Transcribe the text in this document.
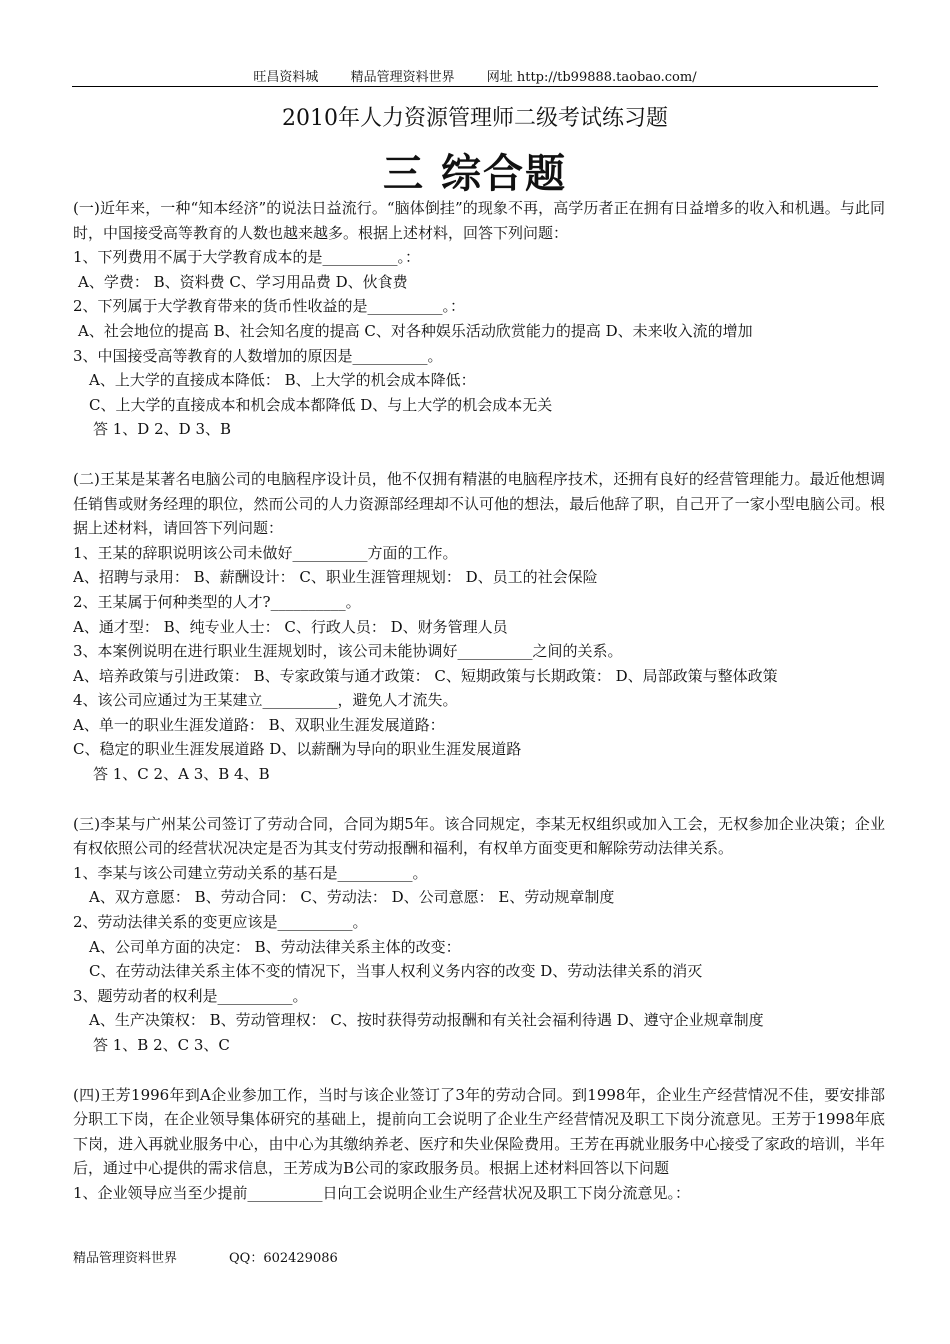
旺昌资料城 精品管理资料世界 网址 http://tb99888.taobao.com/
2010年人力资源管理师二级考试练习题
三 综合题
(一)近年来，一种“知本经济”的说法日益流行。“脑体倒挂”的现象不再，高学历者正在拥有日益增多的收入和机遇。与此同时，中国接受高等教育的人数也越来越多。根据上述材料，回答下列问题：
1、下列费用不属于大学教育成本的是__________。：
A、学费： B、资料费 C、学习用品费 D、伙食费
2、下列属于大学教育带来的货币性收益的是__________。：
A、社会地位的提高 B、社会知名度的提高 C、对各种娱乐活动欣赏能力的提高 D、未来收入流的增加
3、中国接受高等教育的人数增加的原因是__________。
A、上大学的直接成本降低： B、上大学的机会成本降低：
C、上大学的直接成本和机会成本都降低 D、与上大学的机会成本无关
答 1、D 2、D 3、B
(二)王某是某著名电脑公司的电脑程序设计员，他不仅拥有精湛的电脑程序技术，还拥有良好的经营管理能力。最近他想调任销售或财务经理的职位，然而公司的人力资源部经理却不认可他的想法，最后他辞了职，自己开了一家小型电脑公司。根据上述材料，请回答下列问题：
1、王某的辞职说明该公司未做好__________方面的工作。
A、招聘与录用： B、薪酬设计： C、职业生涯管理规划： D、员工的社会保险
2、王某属于何种类型的人才?__________。
A、通才型： B、纯专业人士： C、行政人员： D、财务管理人员
3、本案例说明在进行职业生涯规划时，该公司未能协调好__________之间的关系。
A、培养政策与引进政策： B、专家政策与通才政策： C、短期政策与长期政策： D、局部政策与整体政策
4、该公司应通过为王某建立__________，避免人才流失。
A、单一的职业生涯发道路： B、双职业生涯发展道路：
C、稳定的职业生涯发展道路 D、以薪酬为导向的职业生涯发展道路
答 1、C 2、A 3、B 4、B
(三)李某与广州某公司签订了劳动合同，合同为期5年。该合同规定，李某无权组织或加入工会，无权参加企业决策；企业有权依照公司的经营状况决定是否为其支付劳动报酬和福利，有权单方面变更和解除劳动法律关系。
1、李某与该公司建立劳动关系的基石是__________。
A、双方意愿： B、劳动合同： C、劳动法： D、公司意愿： E、劳动规章制度
2、劳动法律关系的变更应该是__________。
A、公司单方面的决定： B、劳动法律关系主体的改变：
C、在劳动法律关系主体不变的情况下，当事人权利义务内容的改变 D、劳动法律关系的消灭
3、题劳动者的权利是__________。
A、生产决策权： B、劳动管理权： C、按时获得劳动报酬和有关社会福利待遇 D、遵守企业规章制度
答 1、B 2、C 3、C
(四)王芳1996年到A企业参加工作，当时与该企业签订了3年的劳动合同。到1998年，企业生产经营情况不佳，要安排部分职工下岗，在企业领导集体研究的基础上，提前向工会说明了企业生产经营情况及职工下岗分流意见。王芳于1998年底下岗，进入再就业服务中心，由中心为其缴纳养老、医疗和失业保险费用。王芳在再就业服务中心接受了家政的培训，半年后，通过中心提供的需求信息，王芳成为B公司的家政服务员。根据上述材料回答以下问题
1、企业领导应当至少提前__________日向工会说明企业生产经营状况及职工下岗分流意见。：
精品管理资料世界	QQ：602429086
